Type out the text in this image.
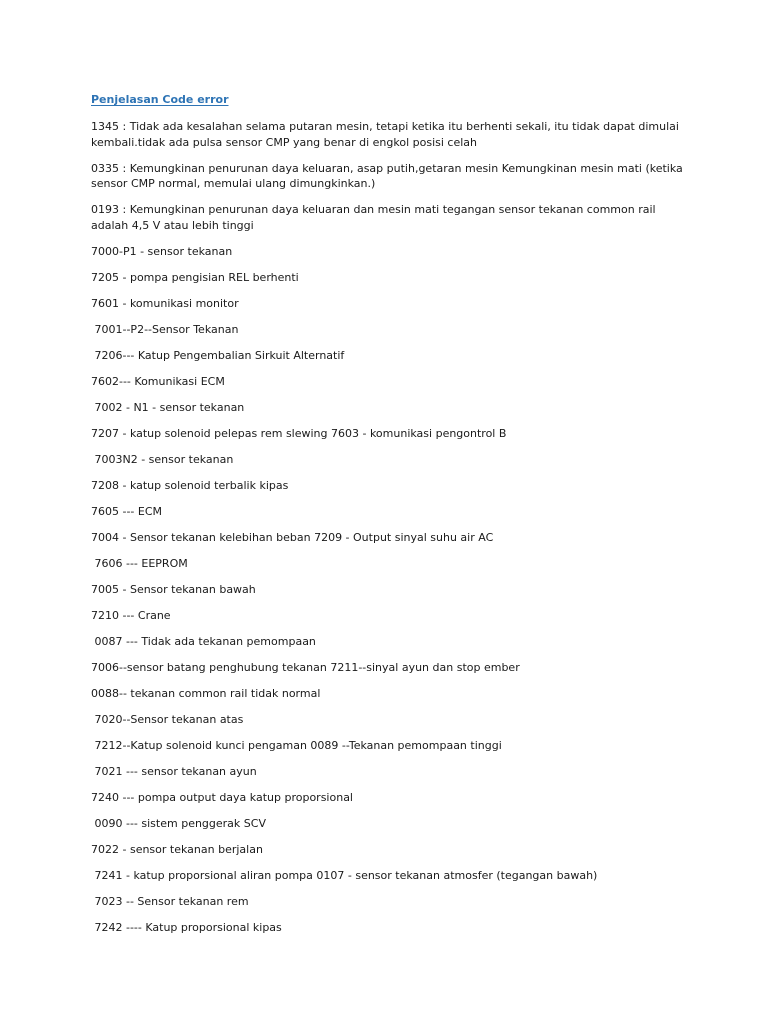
Penjelasan Code error

1345 : Tidak ada kesalahan selama putaran mesin, tetapi ketika itu berhenti sekali, itu tidak dapat dimulai kembali.tidak ada pulsa sensor CMP yang benar di engkol posisi celah

0335 : Kemungkinan penurunan daya keluaran, asap putih,getaran mesin Kemungkinan mesin mati (ketika sensor CMP normal, memulai ulang dimungkinkan.)

0193 : Kemungkinan penurunan daya keluaran dan mesin mati tegangan sensor tekanan common rail adalah 4,5 V atau lebih tinggi

7000-P1 - sensor tekanan

7205 - pompa pengisian REL berhenti

7601 - komunikasi monitor

7001--P2--Sensor Tekanan

7206--- Katup Pengembalian Sirkuit Alternatif

7602--- Komunikasi ECM

7002 - N1 - sensor tekanan

7207 - katup solenoid pelepas rem slewing 7603 - komunikasi pengontrol B

7003N2 - sensor tekanan

7208 - katup solenoid terbalik kipas

7605 --- ECM

7004 - Sensor tekanan kelebihan beban 7209 - Output sinyal suhu air AC

7606 --- EEPROM

7005 - Sensor tekanan bawah

7210 --- Crane

0087 --- Tidak ada tekanan pemompaan

7006--sensor batang penghubung tekanan 7211--sinyal ayun dan stop ember

0088-- tekanan common rail tidak normal

7020--Sensor tekanan atas

7212--Katup solenoid kunci pengaman 0089 --Tekanan pemompaan tinggi

7021 --- sensor tekanan ayun

7240 --- pompa output daya katup proporsional

0090 --- sistem penggerak SCV

7022 - sensor tekanan berjalan

7241 - katup proporsional aliran pompa 0107 - sensor tekanan atmosfer (tegangan bawah)

7023 -- Sensor tekanan rem

7242 ---- Katup proporsional kipas
